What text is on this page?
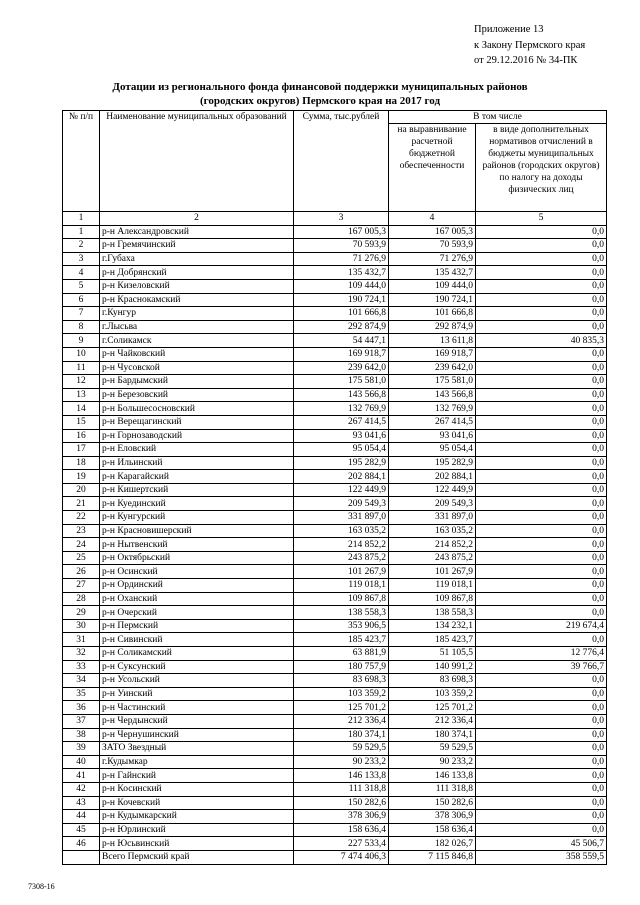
Приложение 13
к Закону Пермского края
от 29.12.2016 № 34-ПК
Дотации из регионального фонда финансовой поддержки муниципальных районов
(городских округов) Пермского края на 2017 год
№ п/п	Наименование муниципальных образований	Сумма, тыс.рублей	В том числе	
			на выравнивание расчетной бюджетной обеспеченности	в виде дополнительных нормативов отчислений в бюджеты муниципальных районов (городских округов) по налогу на доходы физических лиц
1	2	3	4	5
1	р-н Александровский	167 005,3	167 005,3	0,0
2	р-н Гремячинский	70 593,9	70 593,9	0,0
3	г.Губаха	71 276,9	71 276,9	0,0
4	р-н Добрянский	135 432,7	135 432,7	0,0
5	р-н Кизеловский	109 444,0	109 444,0	0,0
6	р-н Краснокамский	190 724,1	190 724,1	0,0
7	г.Кунгур	101 666,8	101 666,8	0,0
8	г.Лысьва	292 874,9	292 874,9	0,0
9	г.Соликамск	54 447,1	13 611,8	40 835,3
10	р-н Чайковский	169 918,7	169 918,7	0,0
11	р-н Чусовской	239 642,0	239 642,0	0,0
12	р-н Бардымский	175 581,0	175 581,0	0,0
13	р-н Березовский	143 566,8	143 566,8	0,0
14	р-н Большесосновский	132 769,9	132 769,9	0,0
15	р-н Верещагинский	267 414,5	267 414,5	0,0
16	р-н Горнозаводский	93 041,6	93 041,6	0,0
17	р-н Еловский	95 054,4	95 054,4	0,0
18	р-н Ильинский	195 282,9	195 282,9	0,0
19	р-н Карагайский	202 884,1	202 884,1	0,0
20	р-н Кишертский	122 449,9	122 449,9	0,0
21	р-н Куединский	209 549,3	209 549,3	0,0
22	р-н Кунгурский	331 897,0	331 897,0	0,0
23	р-н Красновишерский	163 035,2	163 035,2	0,0
24	р-н Нытвенский	214 852,2	214 852,2	0,0
25	р-н Октябрьский	243 875,2	243 875,2	0,0
26	р-н Осинский	101 267,9	101 267,9	0,0
27	р-н Ординский	119 018,1	119 018,1	0,0
28	р-н Оханский	109 867,8	109 867,8	0,0
29	р-н Очерский	138 558,3	138 558,3	0,0
30	р-н Пермский	353 906,5	134 232,1	219 674,4
31	р-н Сивинский	185 423,7	185 423,7	0,0
32	р-н Соликамский	63 881,9	51 105,5	12 776,4
33	р-н Суксунский	180 757,9	140 991,2	39 766,7
34	р-н Усольский	83 698,3	83 698,3	0,0
35	р-н Уинский	103 359,2	103 359,2	0,0
36	р-н Частинский	125 701,2	125 701,2	0,0
37	р-н Чердынский	212 336,4	212 336,4	0,0
38	р-н Чернушинский	180 374,1	180 374,1	0,0
39	ЗАТО Звездный	59 529,5	59 529,5	0,0
40	г.Кудымкар	90 233,2	90 233,2	0,0
41	р-н Гайнский	146 133,8	146 133,8	0,0
42	р-н Косинский	111 318,8	111 318,8	0,0
43	р-н Кочевский	150 282,6	150 282,6	0,0
44	р-н Кудымкарский	378 306,9	378 306,9	0,0
45	р-н Юрлинский	158 636,4	158 636,4	0,0
46	р-н Юсьвинский	227 533,4	182 026,7	45 506,7
	Всего Пермский край	7 474 406,3	7 115 846,8	358 559,5
7308-16
